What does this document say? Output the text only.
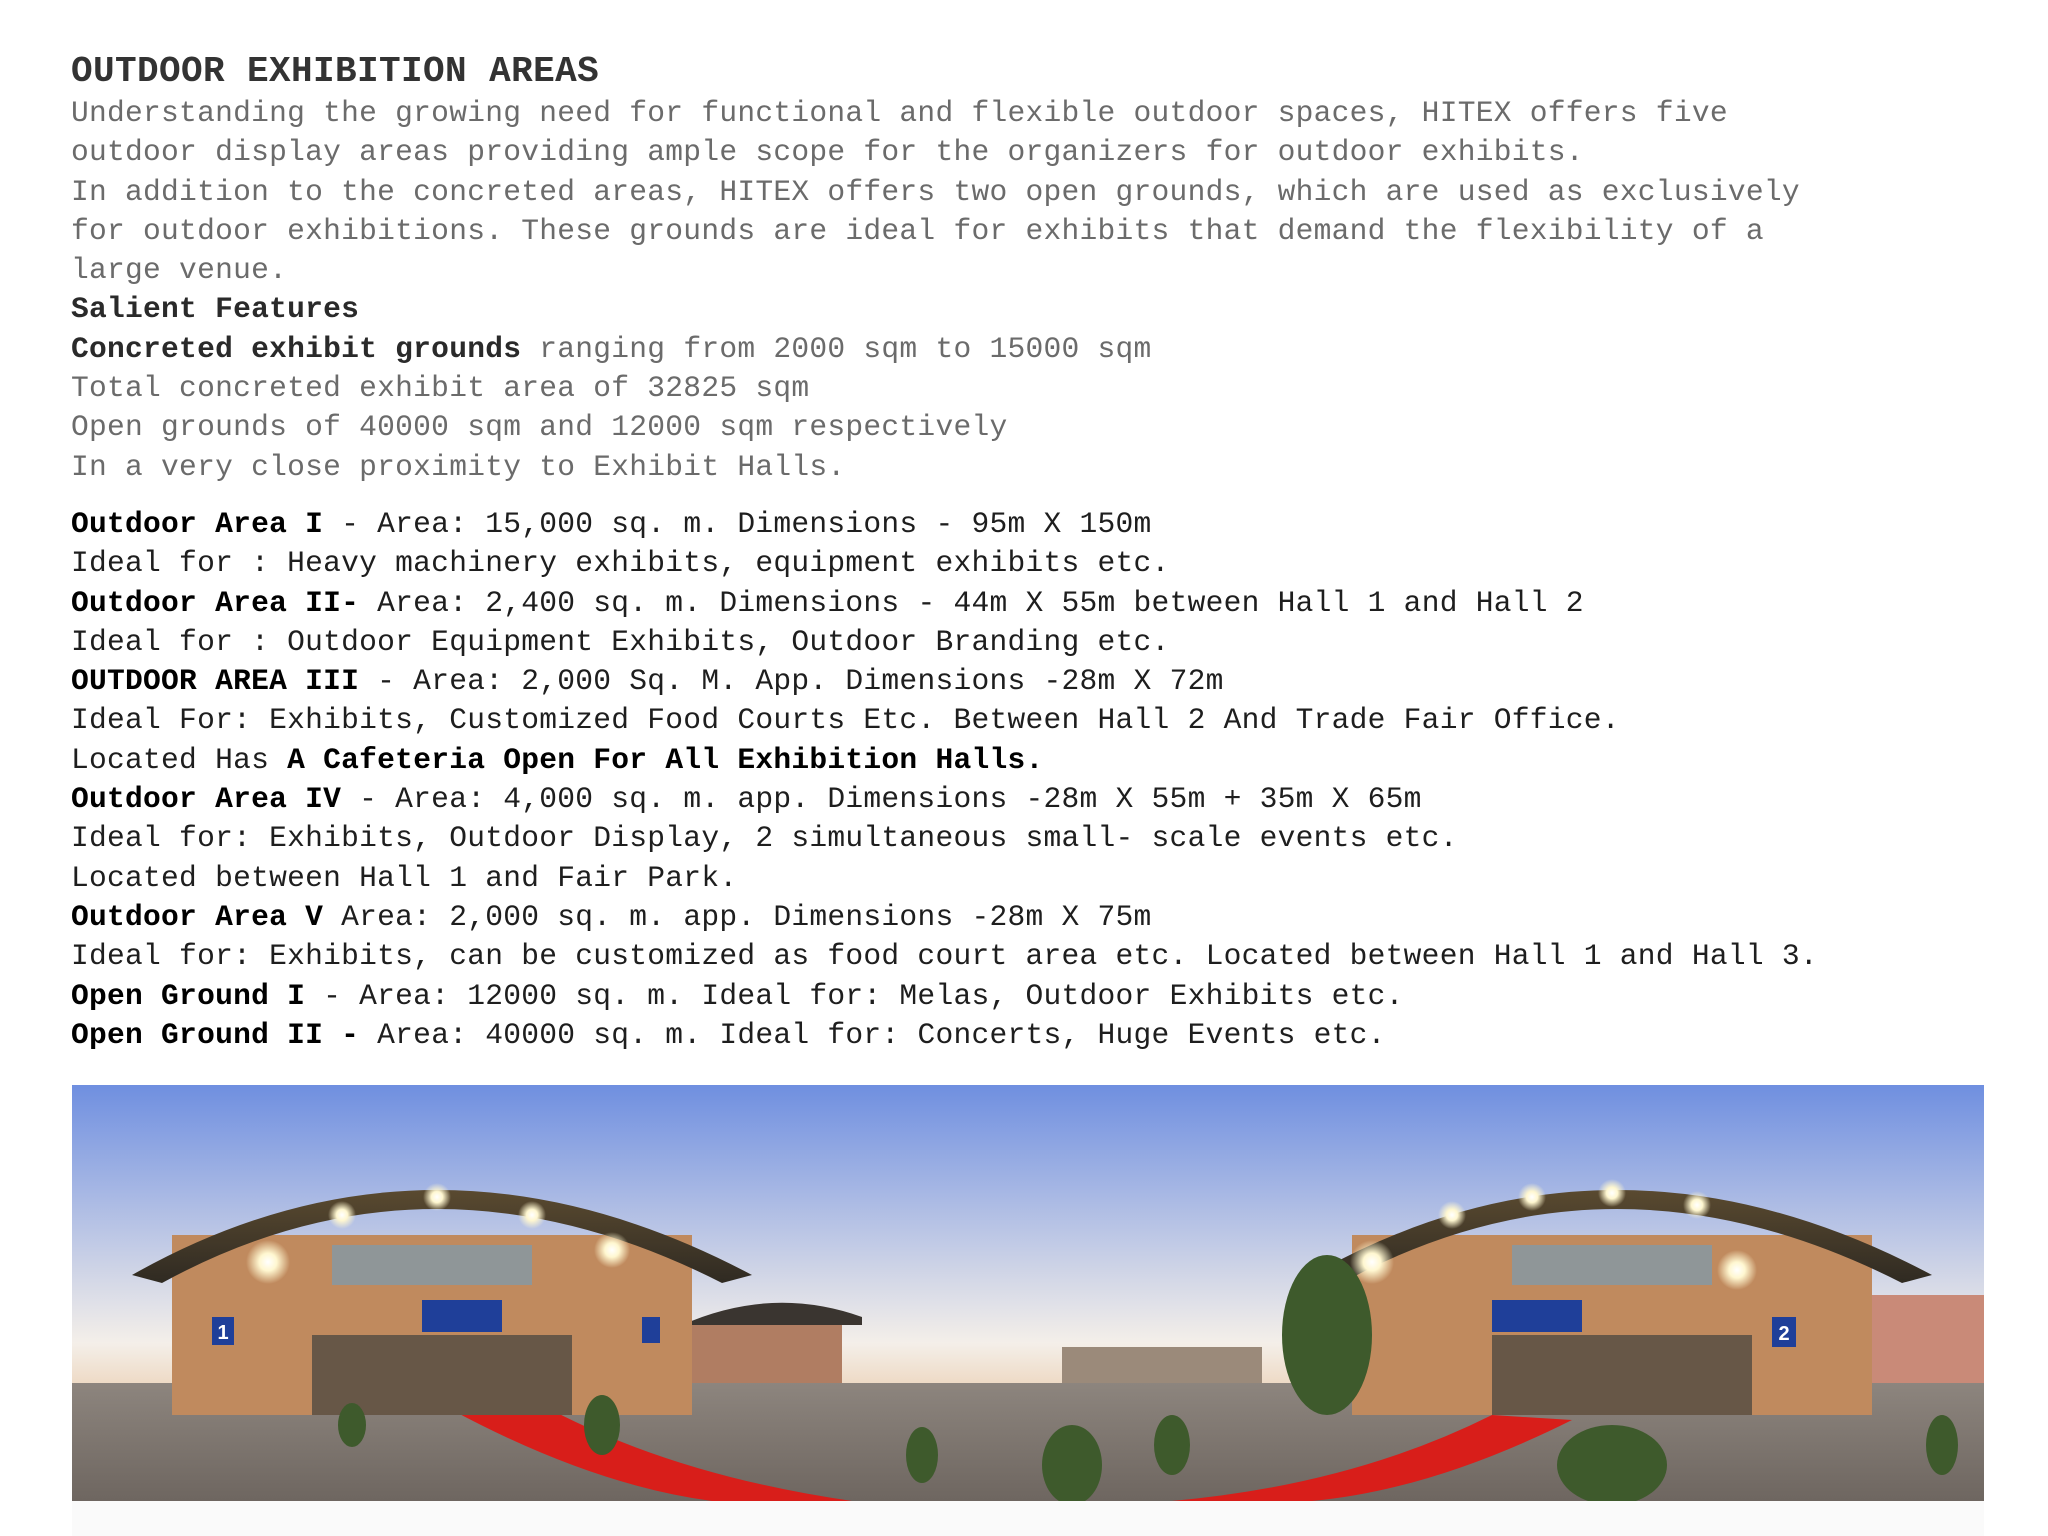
OUTDOOR EXHIBITION AREAS
Understanding the growing need for functional and flexible outdoor spaces, HITEX offers five
outdoor display areas providing ample scope for the organizers for outdoor exhibits.
In addition to the concreted areas, HITEX offers two open grounds, which are used as exclusively
for outdoor exhibitions. These grounds are ideal for exhibits that demand the flexibility of a
large venue.
Salient Features
Concreted exhibit grounds ranging from 2000 sqm to 15000 sqm
Total concreted exhibit area of 32825 sqm
Open grounds of 40000 sqm and 12000 sqm respectively
In a very close proximity to Exhibit Halls.
Outdoor Area I - Area: 15,000 sq. m. Dimensions - 95m X 150m
Ideal for : Heavy machinery exhibits, equipment exhibits etc.
Outdoor Area II- Area: 2,400 sq. m. Dimensions - 44m X 55m between Hall 1 and Hall 2
Ideal for : Outdoor Equipment Exhibits, Outdoor Branding etc.
OUTDOOR AREA III - Area: 2,000 Sq. M. App. Dimensions -28m X 72m
Ideal For: Exhibits, Customized Food Courts Etc. Between Hall 2 And Trade Fair Office.
Located Has A Cafeteria Open For All Exhibition Halls.
Outdoor Area IV - Area: 4,000 sq. m. app. Dimensions -28m X 55m + 35m X 65m
Ideal for: Exhibits, Outdoor Display, 2 simultaneous small- scale events etc.
Located between Hall 1 and Fair Park.
Outdoor Area V Area: 2,000 sq. m. app. Dimensions -28m X 75m
Ideal for: Exhibits, can be customized as food court area etc. Located between Hall 1 and Hall 3.
Open Ground I - Area: 12000 sq. m. Ideal for: Melas, Outdoor Exhibits etc.
Open Ground II - Area: 40000 sq. m. Ideal for: Concerts, Huge Events etc.
1	2
